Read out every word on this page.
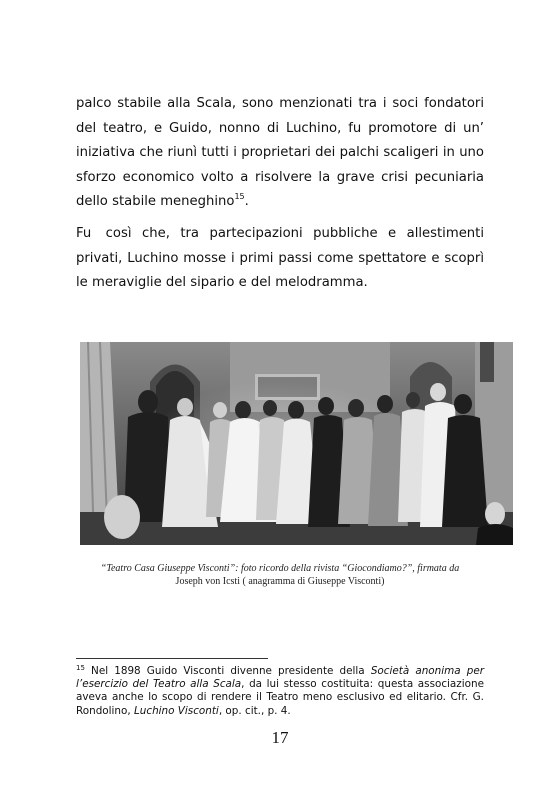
palco stabile alla Scala, sono menzionati tra i soci fondatori del teatro, e Guido, nonno di Luchino, fu promotore di un’ iniziativa che riunì tutti i proprietari dei palchi scaligeri in uno sforzo economico volto a risolvere la grave crisi pecuniaria dello stabile meneghino$^{15}$.
Fu così che, tra partecipazioni pubbliche e allestimenti privati, Luchino mosse i primi passi come spettatore e scoprì le meraviglie del sipario e del melodramma.
“Teatro Casa Giuseppe Visconti”: foto ricordo della rivista “Giocondiamo?”, firmata da
Joseph von Icsti ( anagramma di Giuseppe Visconti)
$^{15}$ Nel 1898 Guido Visconti divenne presidente della Società anonima per l’esercizio del Teatro alla Scala, da lui stesso costituita: questa associazione aveva anche lo scopo di rendere il Teatro meno esclusivo ed elitario. Cfr. G. Rondolino, Luchino Visconti, op. cit., p. 4.
17
